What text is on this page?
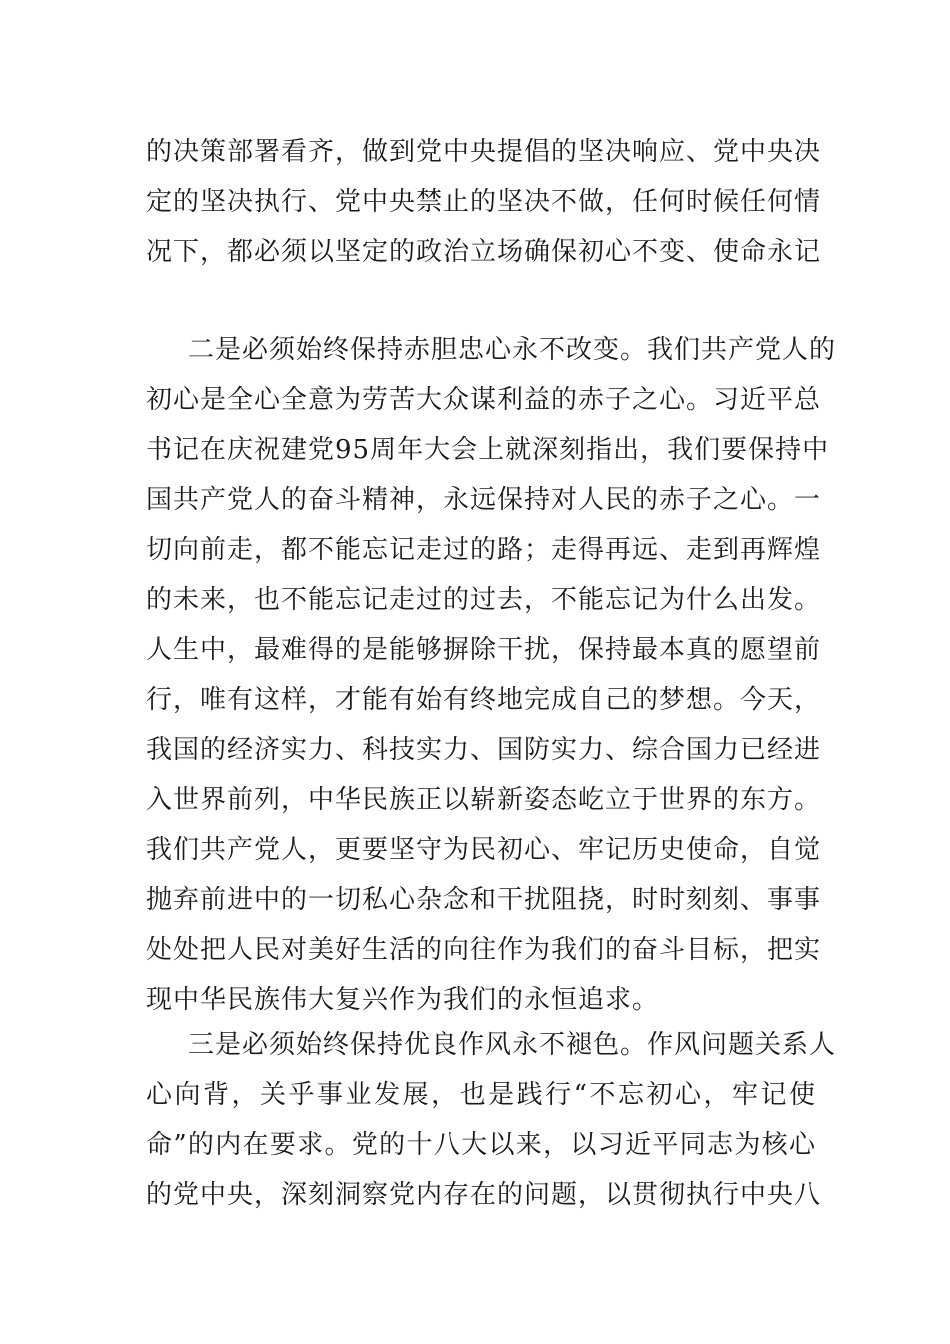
的决策部署看齐，做到党中央提倡的坚决响应、党中央决
定的坚决执行、党中央禁止的坚决不做，任何时候任何情
况下，都必须以坚定的政治立场确保初心不变、使命永记
二是必须始终保持赤胆忠心永不改变。我们共产党人的
初心是全心全意为劳苦大众谋利益的赤子之心。习近平总
书记在庆祝建党95周年大会上就深刻指出，我们要保持中
国共产党人的奋斗精神，永远保持对人民的赤子之心。一
切向前走，都不能忘记走过的路；走得再远、走到再辉煌
的未来，也不能忘记走过的过去，不能忘记为什么出发。
人生中，最难得的是能够摒除干扰，保持最本真的愿望前
行，唯有这样，才能有始有终地完成自己的梦想。今天，
我国的经济实力、科技实力、国防实力、综合国力已经进
入世界前列，中华民族正以崭新姿态屹立于世界的东方。
我们共产党人，更要坚守为民初心、牢记历史使命，自觉
抛弃前进中的一切私心杂念和干扰阻挠，时时刻刻、事事
处处把人民对美好生活的向往作为我们的奋斗目标，把实
现中华民族伟大复兴作为我们的永恒追求。
三是必须始终保持优良作风永不褪色。作风问题关系人
心向背，关乎事业发展，也是践行“不忘初心，牢记使
命”的内在要求。党的十八大以来，以习近平同志为核心
的党中央，深刻洞察党内存在的问题，以贯彻执行中央八
